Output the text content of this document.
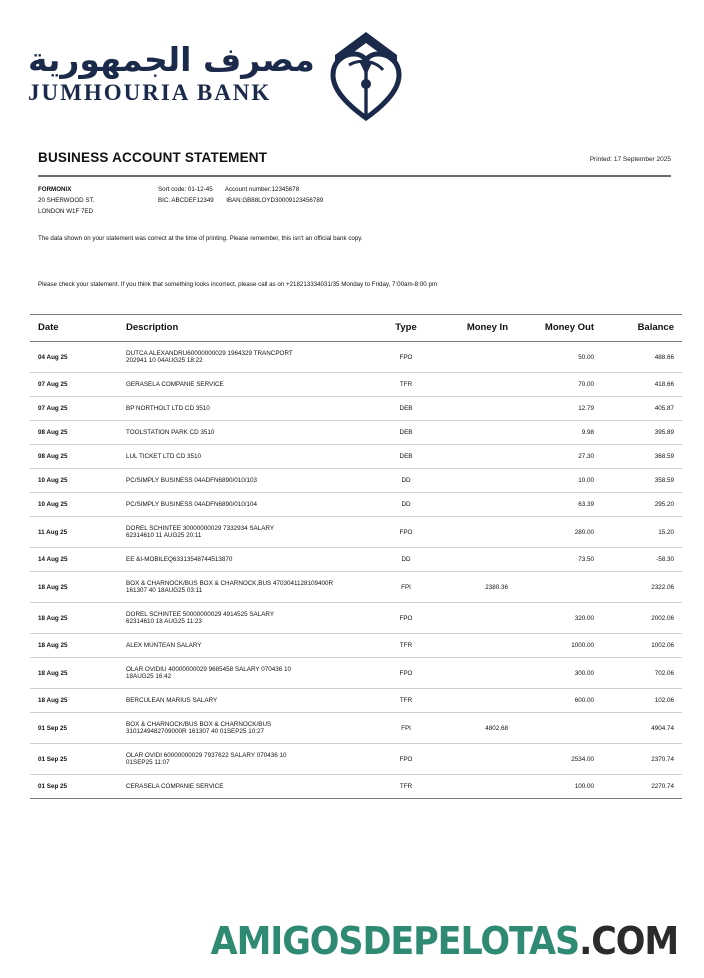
مصرف الجمهورية
JUMHOURIA BANK
BUSINESS ACCOUNT STATEMENT	Printed: 17 September 2025
FORMONIX
20 SHERWOOD ST.
LONDON W1F 7ED
Sort code: 01-12-45 Account number:12345678
BIC: ABCDEF12349 IBAN:GB88LOYD30009123456789
The data shown on your statement was correct at the time of printing. Please remember, this isn't an official bank copy.
Please check your statement. If you think that something looks incorrect, please call as on +218213334031/35 Monday to Friday, 7:00am-8:00 pm
Date	Description	Type	Money In	Money Out	Balance
04 Aug 25	DUTCA ALEXANDRU60000000029 1964329 TRANCPORT
202941 10 04AUG25 18:22	FPO		50.00	488.66
07 Aug 25	GERASELA COMPANIE SERVICE	TFR		70.00	418.66
07 Aug 25	BP NORTHOLT LTD CD 3510	DEB		12.79	405.87
08 Aug 25	TOOLSTATION PARK CD 3510	DEB		9.98	395.89
08 Aug 25	LUL TICKET LTD CD 3510	DEB		27.30	368.59
10 Aug 25	PC/SIMPLY BUSINESS 04ADFN6890/010/103	DD		10.00	358.59
10 Aug 25	PC/SIMPLY BUSINESS 04ADFN6890/010/104	DD		63.39	295.20
11 Aug 25	DOREL SCHINTEE 30000000029 7332934 SALARY
62314610 11 AUG25 20:11	FPO		280.00	15.20
14 Aug 25	EE &I-MOBILEQ63313548744513870	DD		73.50	-58.30
18 Aug 25	BOX & CHARNOCK/BUS BOX & CHARNOCK,BUS 4703041128109400R
161307 40 18AUG25 03:11	FPI	2380.36		2322.06
18 Aug 25	DOREL SCHINTEE 50000000029 4914525 SALARY
62314610 18 AUG25 11:23	FPO		320.00	2002.06
18 Aug 25	ALEX MUNTEAN SALARY	TFR		1000.00	1002.06
18 Aug 25	OLAR OVIDIU 40000000029 9685458 SALARY 070436 10
18AUG25 16:42	FPO		300.00	702.06
18 Aug 25	BERCULEAN MARIUS SALARY	TFR		600.00	102.06
01 Sep 25	BOX & CHARNOCK/BUS BOX & CHARNOCK/BUS
3101249482709000R 161307 40 01SEP25 10:27	FPI	4802.68		4904.74
01 Sep 25	OLAR OVIDI 60000000029 7937622 SALARY 070436 10
01SEP25 11:07	FPO		2534.00	2370.74
01 Sep 25	CERASELA COMPANIE SERVICE	TFR		100.00	2270.74
AMIGOSDEPELOTAS.COM
